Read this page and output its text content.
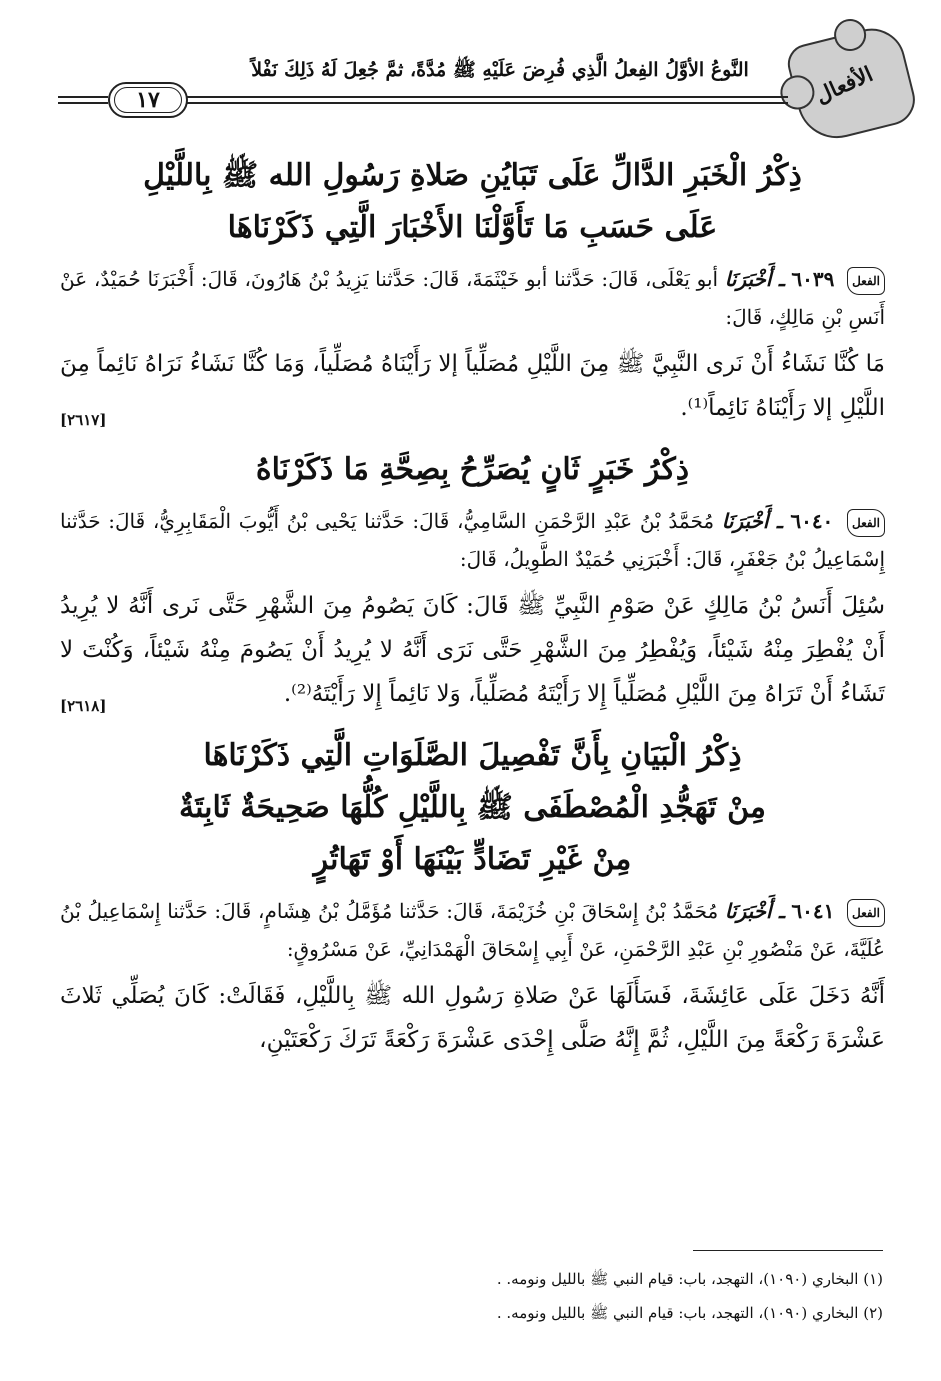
الأفعال
النَّوعُ الأوَّلُ الفِعلُ الَّذِي فُرِضَ عَلَيْهِ ﷺ مُدَّةً، ثمَّ جُعِلَ لَهُ ذَلِكَ نَفْلاً
١٧

ذِكْرُ الْخَبَرِ الدَّالِّ عَلَى تَبَايُنِ صَلاةِ رَسُولِ الله ﷺ بِاللَّيْلِ

عَلَى حَسَبِ مَا تَأَوَّلْنَا الأَخْبَارَ الَّتِي ذَكَرْنَاهَا

الفعل ٦٠٣٩ ـ أَخْبَرَنَا أبو يَعْلَى، قَالَ: حَدَّثنا أبو خَيْثَمَةَ، قَالَ: حَدَّثنا يَزِيدُ بْنُ هَارُونَ، قَالَ: أَخْبَرَنَا حُمَيْدٌ، عَنْ أَنَسِ بْنِ مَالِكٍ، قَالَ:
مَا كُنَّا نَشَاءُ أَنْ نَرى النَّبِيَّ ﷺ مِنَ اللَّيْلِ مُصَلِّياً إلا رَأَيْنَاهُ مُصَلِّياً، وَمَا كُنَّا نَشَاءُ نَرَاهُ نَائِماً مِنَ اللَّيْلِ إلا رَأَيْنَاهُ نَائِماً⁽¹⁾.
[٢٦١٧]

ذِكْرُ خَبَرٍ ثَانٍ يُصَرِّحُ بِصِحَّةِ مَا ذَكَرْنَاهُ

الفعل ٦٠٤٠ ـ أَخْبَرَنَا مُحَمَّدُ بْنُ عَبْدِ الرَّحْمَنِ السَّامِيُّ، قَالَ: حَدَّثنا يَحْيى بْنُ أَيُّوبَ الْمَقَابِرِيُّ، قَالَ: حَدَّثنا إِسْمَاعِيلُ بْنُ جَعْفَرٍ، قَالَ: أَخْبَرَنِي حُمَيْدٌ الطَّوِيلُ، قَالَ:
سُئِلَ أَنَسُ بْنُ مَالِكٍ عَنْ صَوْمِ النَّبِيِّ ﷺ قَالَ: كَانَ يَصُومُ مِنَ الشَّهْرِ حَتَّى نَرى أَنَّهُ لا يُرِيدُ أَنْ يُفْطِرَ مِنْهُ شَيْئاً، وَيُفْطِرُ مِنَ الشَّهْرِ حَتَّى نَرَى أَنَّهُ لا يُرِيدُ أَنْ يَصُومَ مِنْهُ شَيْئاً، وَكُنْتَ لا تَشَاءُ أَنْ تَرَاهُ مِنَ اللَّيْلِ مُصَلِّياً إِلا رَأَيْتَهُ مُصَلِّياً، وَلا نَائِماً إِلا رَأَيْتَهُ⁽²⁾.
[٢٦١٨]

ذِكْرُ الْبَيَانِ بِأَنَّ تَفْصِيلَ الصَّلَوَاتِ الَّتِي ذَكَرْنَاهَا

مِنْ تَهَجُّدِ الْمُصْطَفَى ﷺ بِاللَّيْلِ كُلُّهَا صَحِيحَةٌ ثَابِتَةٌ

مِنْ غَيْرِ تَضَادٍّ بَيْنَهَا أَوْ تَهَاتُرٍ

الفعل ٦٠٤١ ـ أَخْبَرَنَا مُحَمَّدُ بْنُ إِسْحَاقَ بْنِ خُزَيْمَةَ، قَالَ: حَدَّثنا مُؤَمَّلُ بْنُ هِشَامٍ، قَالَ: حَدَّثنا إِسْمَاعِيلُ بْنُ عُلَيَّةَ، عَنْ مَنْصُورِ بْنِ عَبْدِ الرَّحْمَنِ، عَنْ أَبِي إِسْحَاقَ الْهَمْدَانِيِّ، عَنْ مَسْرُوقٍ:
أَنَّهُ دَخَلَ عَلَى عَائِشَةَ، فَسَأَلَهَا عَنْ صَلاةِ رَسُولِ الله ﷺ بِاللَّيْلِ، فَقَالَتْ: كَانَ يُصَلِّي ثَلاثَ عَشْرَةَ رَكْعَةً مِنَ اللَّيْلِ، ثُمَّ إِنَّهُ صَلَّى إِحْدَى عَشْرَةَ رَكْعَةً تَرَكَ رَكْعَتَيْنِ،
(١) البخاري (١٠٩٠)، التهجد، باب: قيام النبي ﷺ بالليل ونومه. .
(٢) البخاري (١٠٩٠)، التهجد، باب: قيام النبي ﷺ بالليل ونومه. .
